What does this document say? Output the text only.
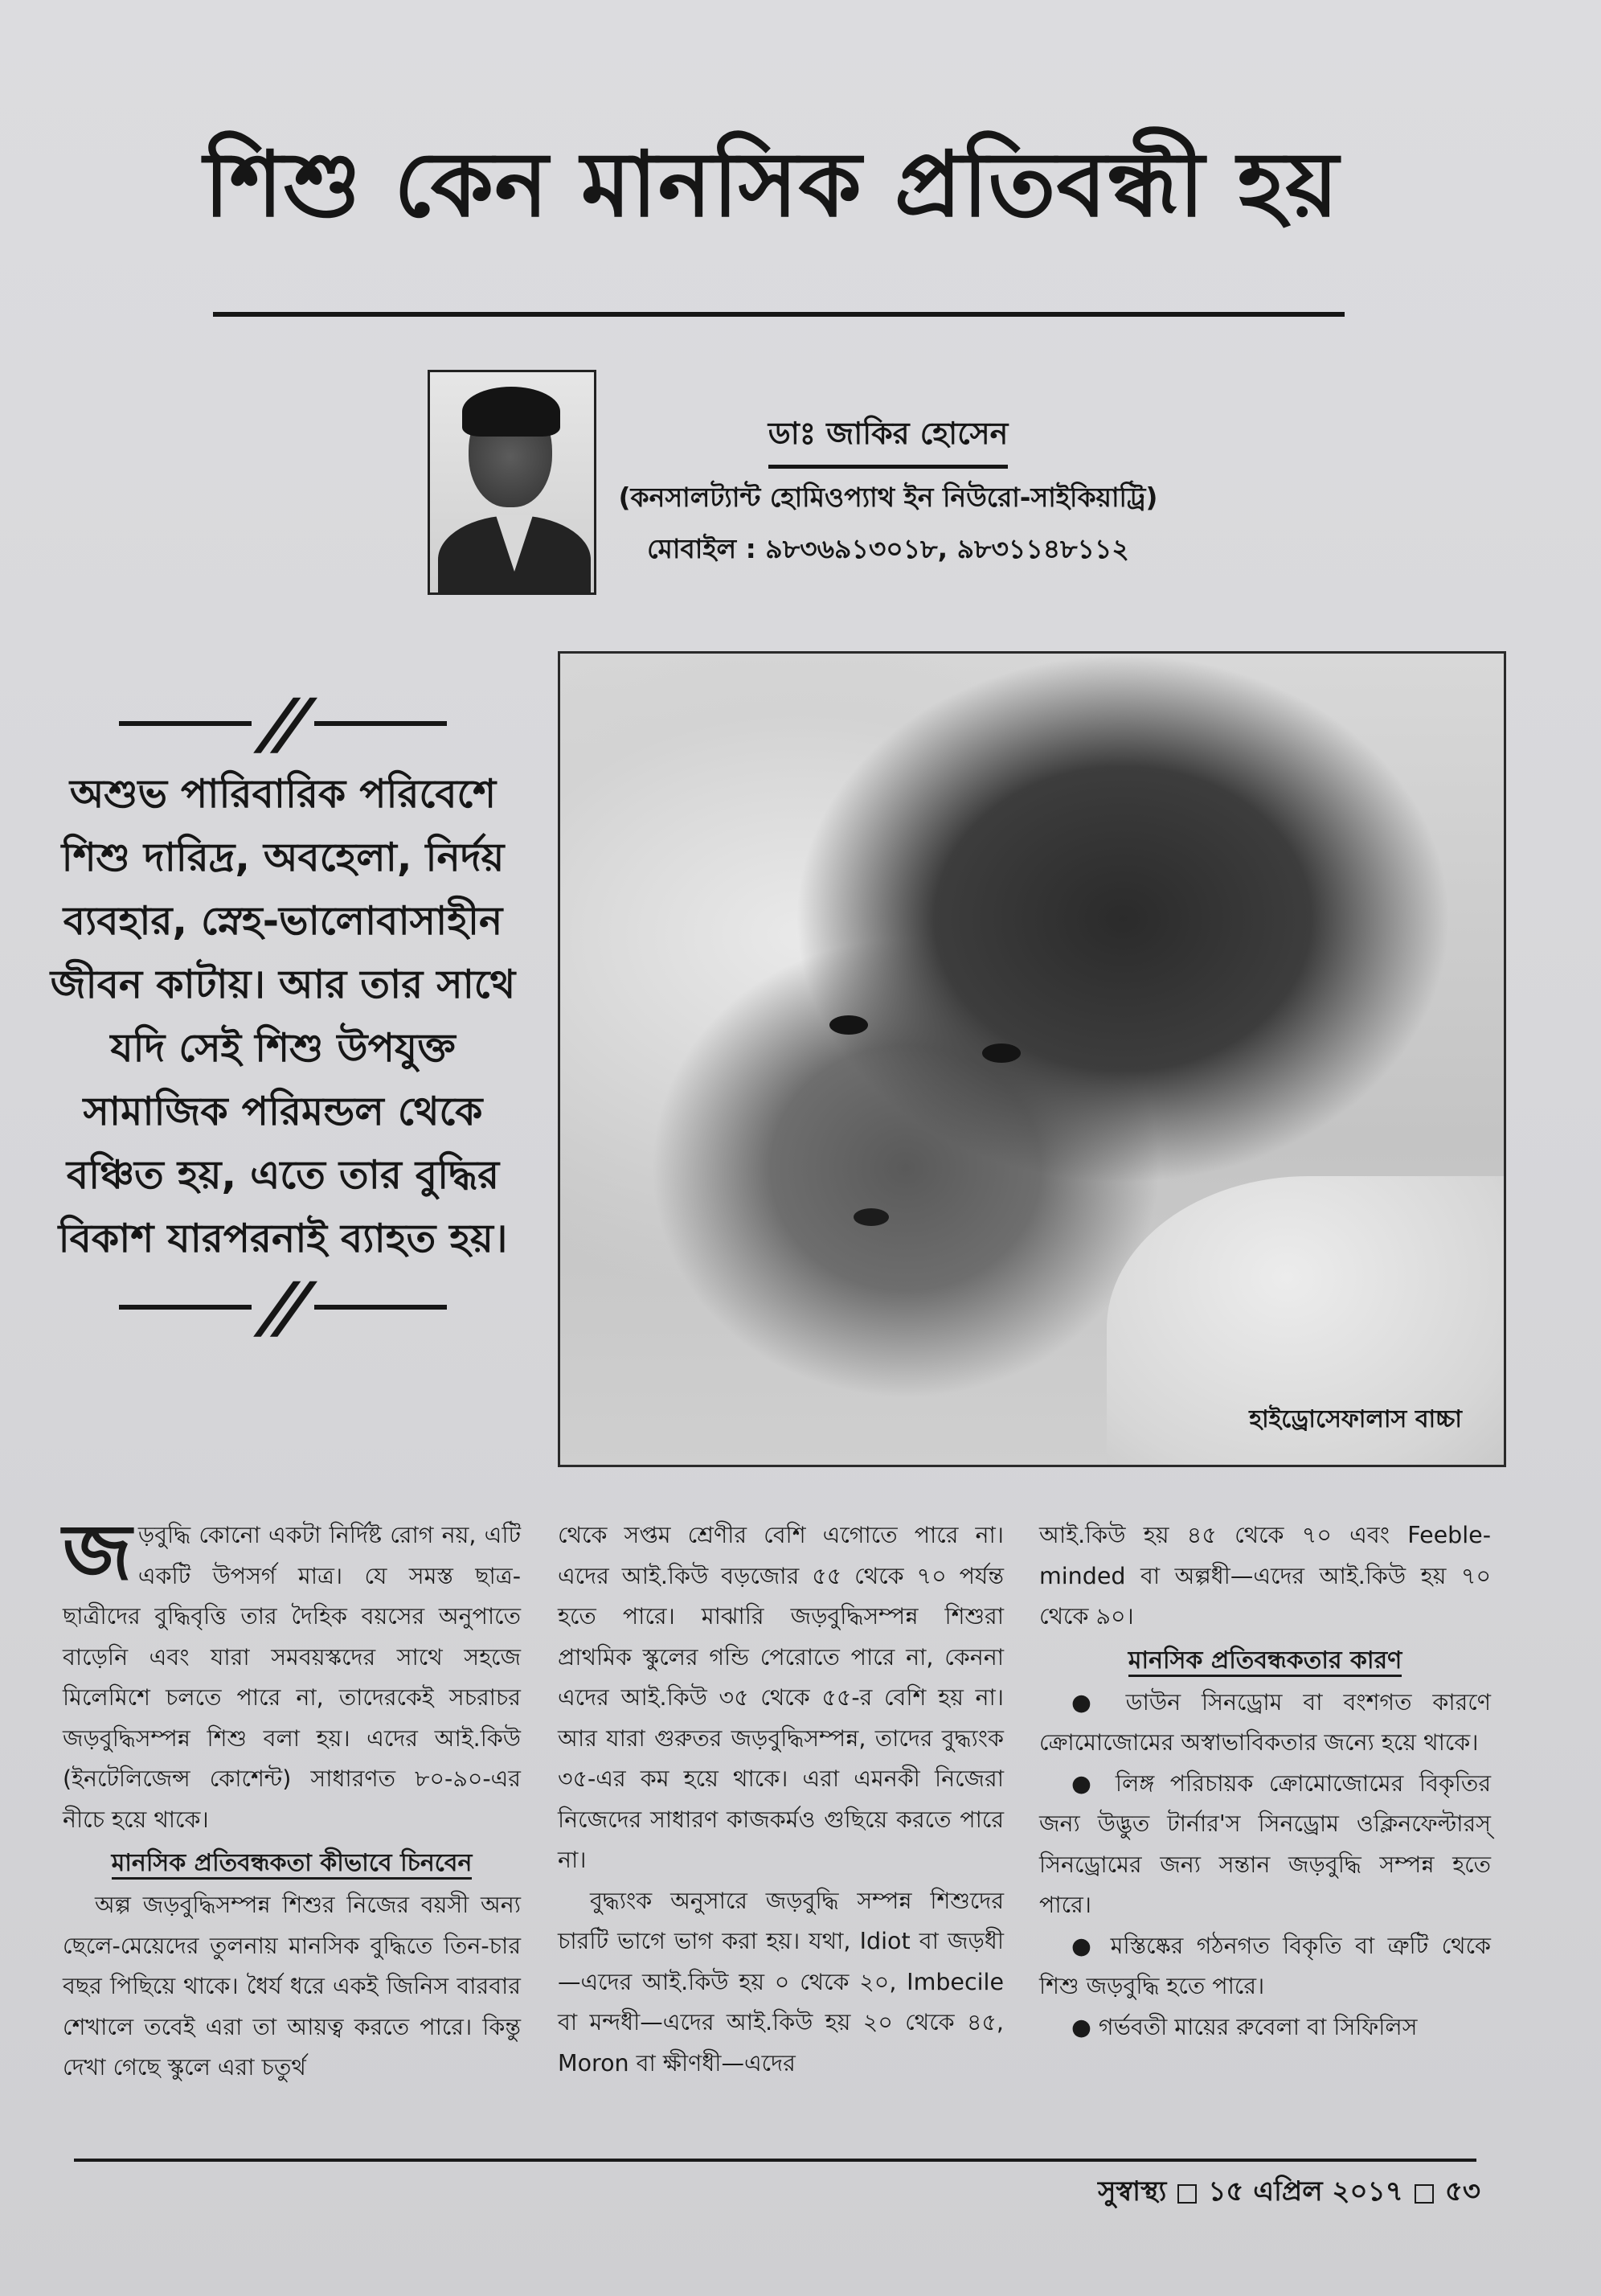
শিশু কেন মানসিক প্রতিবন্ধী হয়
ডাঃ জাকির হোসেন
(কনসালট্যান্ট হোমিওপ্যাথ ইন নিউরো-সাইকিয়াট্রি)
মোবাইল : ৯৮৩৬৯১৩০১৮, ৯৮৩১১৪৮১১২
//
অশুভ পারিবারিক পরিবেশে শিশু দারিদ্র, অবহেলা, নির্দয় ব্যবহার, স্নেহ-ভালোবাসাহীন জীবন কাটায়। আর তার সাথে যদি সেই শিশু উপযুক্ত সামাজিক পরিমন্ডল থেকে বঞ্চিত হয়, এতে তার বুদ্ধির বিকাশ যারপরনাই ব্যাহত হয়।
//
হাইড্রোসেফালাস বাচ্চা

জড়বুদ্ধি কোনো একটা নির্দিষ্ট রোগ নয়, এটি একটি উপসর্গ মাত্র। যে সমস্ত ছাত্র-ছাত্রীদের বুদ্ধিবৃত্তি তার দৈহিক বয়সের অনুপাতে বাড়েনি এবং যারা সমবয়স্কদের সাথে সহজে মিলেমিশে চলতে পারে না, তাদেরকেই সচরাচর জড়বুদ্ধিসম্পন্ন শিশু বলা হয়। এদের আই.কিউ (ইনটেলিজেন্স কোশেন্ট) সাধারণত ৮০-৯০-এর নীচে হয়ে থাকে।

মানসিক প্রতিবন্ধকতা কীভাবে চিনবেন

অল্প জড়বুদ্ধিসম্পন্ন শিশুর নিজের বয়সী অন্য ছেলে-মেয়েদের তুলনায় মানসিক বুদ্ধিতে তিন-চার বছর পিছিয়ে থাকে। ধৈর্য ধরে একই জিনিস বারবার শেখালে তবেই এরা তা আয়ত্ব করতে পারে। কিন্তু দেখা গেছে স্কুলে এরা চতুর্থ

থেকে সপ্তম শ্রেণীর বেশি এগোতে পারে না। এদের আই.কিউ বড়জোর ৫৫ থেকে ৭০ পর্যন্ত হতে পারে। মাঝারি জড়বুদ্ধিসম্পন্ন শিশুরা প্রাথমিক স্কুলের গন্ডি পেরোতে পারে না, কেননা এদের আই.কিউ ৩৫ থেকে ৫৫-র বেশি হয় না। আর যারা গুরুতর জড়বুদ্ধিসম্পন্ন, তাদের বুদ্ধ্যংক ৩৫-এর কম হয়ে থাকে। এরা এমনকী নিজেরা নিজেদের সাধারণ কাজকর্মও গুছিয়ে করতে পারে না।

বুদ্ধ্যংক অনুসারে জড়বুদ্ধি সম্পন্ন শিশুদের চারটি ভাগে ভাগ করা হয়। যথা, Idiot বা জড়ধী—এদের আই.কিউ হয় ০ থেকে ২০, Imbecile বা মন্দধী—এদের আই.কিউ হয় ২০ থেকে ৪৫, Moron বা ক্ষীণধী—এদের

আই.কিউ হয় ৪৫ থেকে ৭০ এবং Feeble-minded বা অল্পধী—এদের আই.কিউ হয় ৭০ থেকে ৯০।

মানসিক প্রতিবন্ধকতার কারণ

● ডাউন সিনড্রোম বা বংশগত কারণে ক্রোমোজোমের অস্বাভাবিকতার জন্যে হয়ে থাকে।

● লিঙ্গ পরিচায়ক ক্রোমোজোমের বিকৃতির জন্য উদ্ভুত টার্নার'স সিনড্রোম ওক্লিনফেল্টারস্ সিনড্রোমের জন্য সন্তান জড়বুদ্ধি সম্পন্ন হতে পারে।

● মস্তিষ্কের গঠনগত বিকৃতি বা ত্রুটি থেকে শিশু জড়বুদ্ধি হতে পারে।

● গর্ভবতী মায়ের রুবেলা বা সিফিলিস

সুস্বাস্থ্য ১৫ এপ্রিল ২০১৭ ৫৩
